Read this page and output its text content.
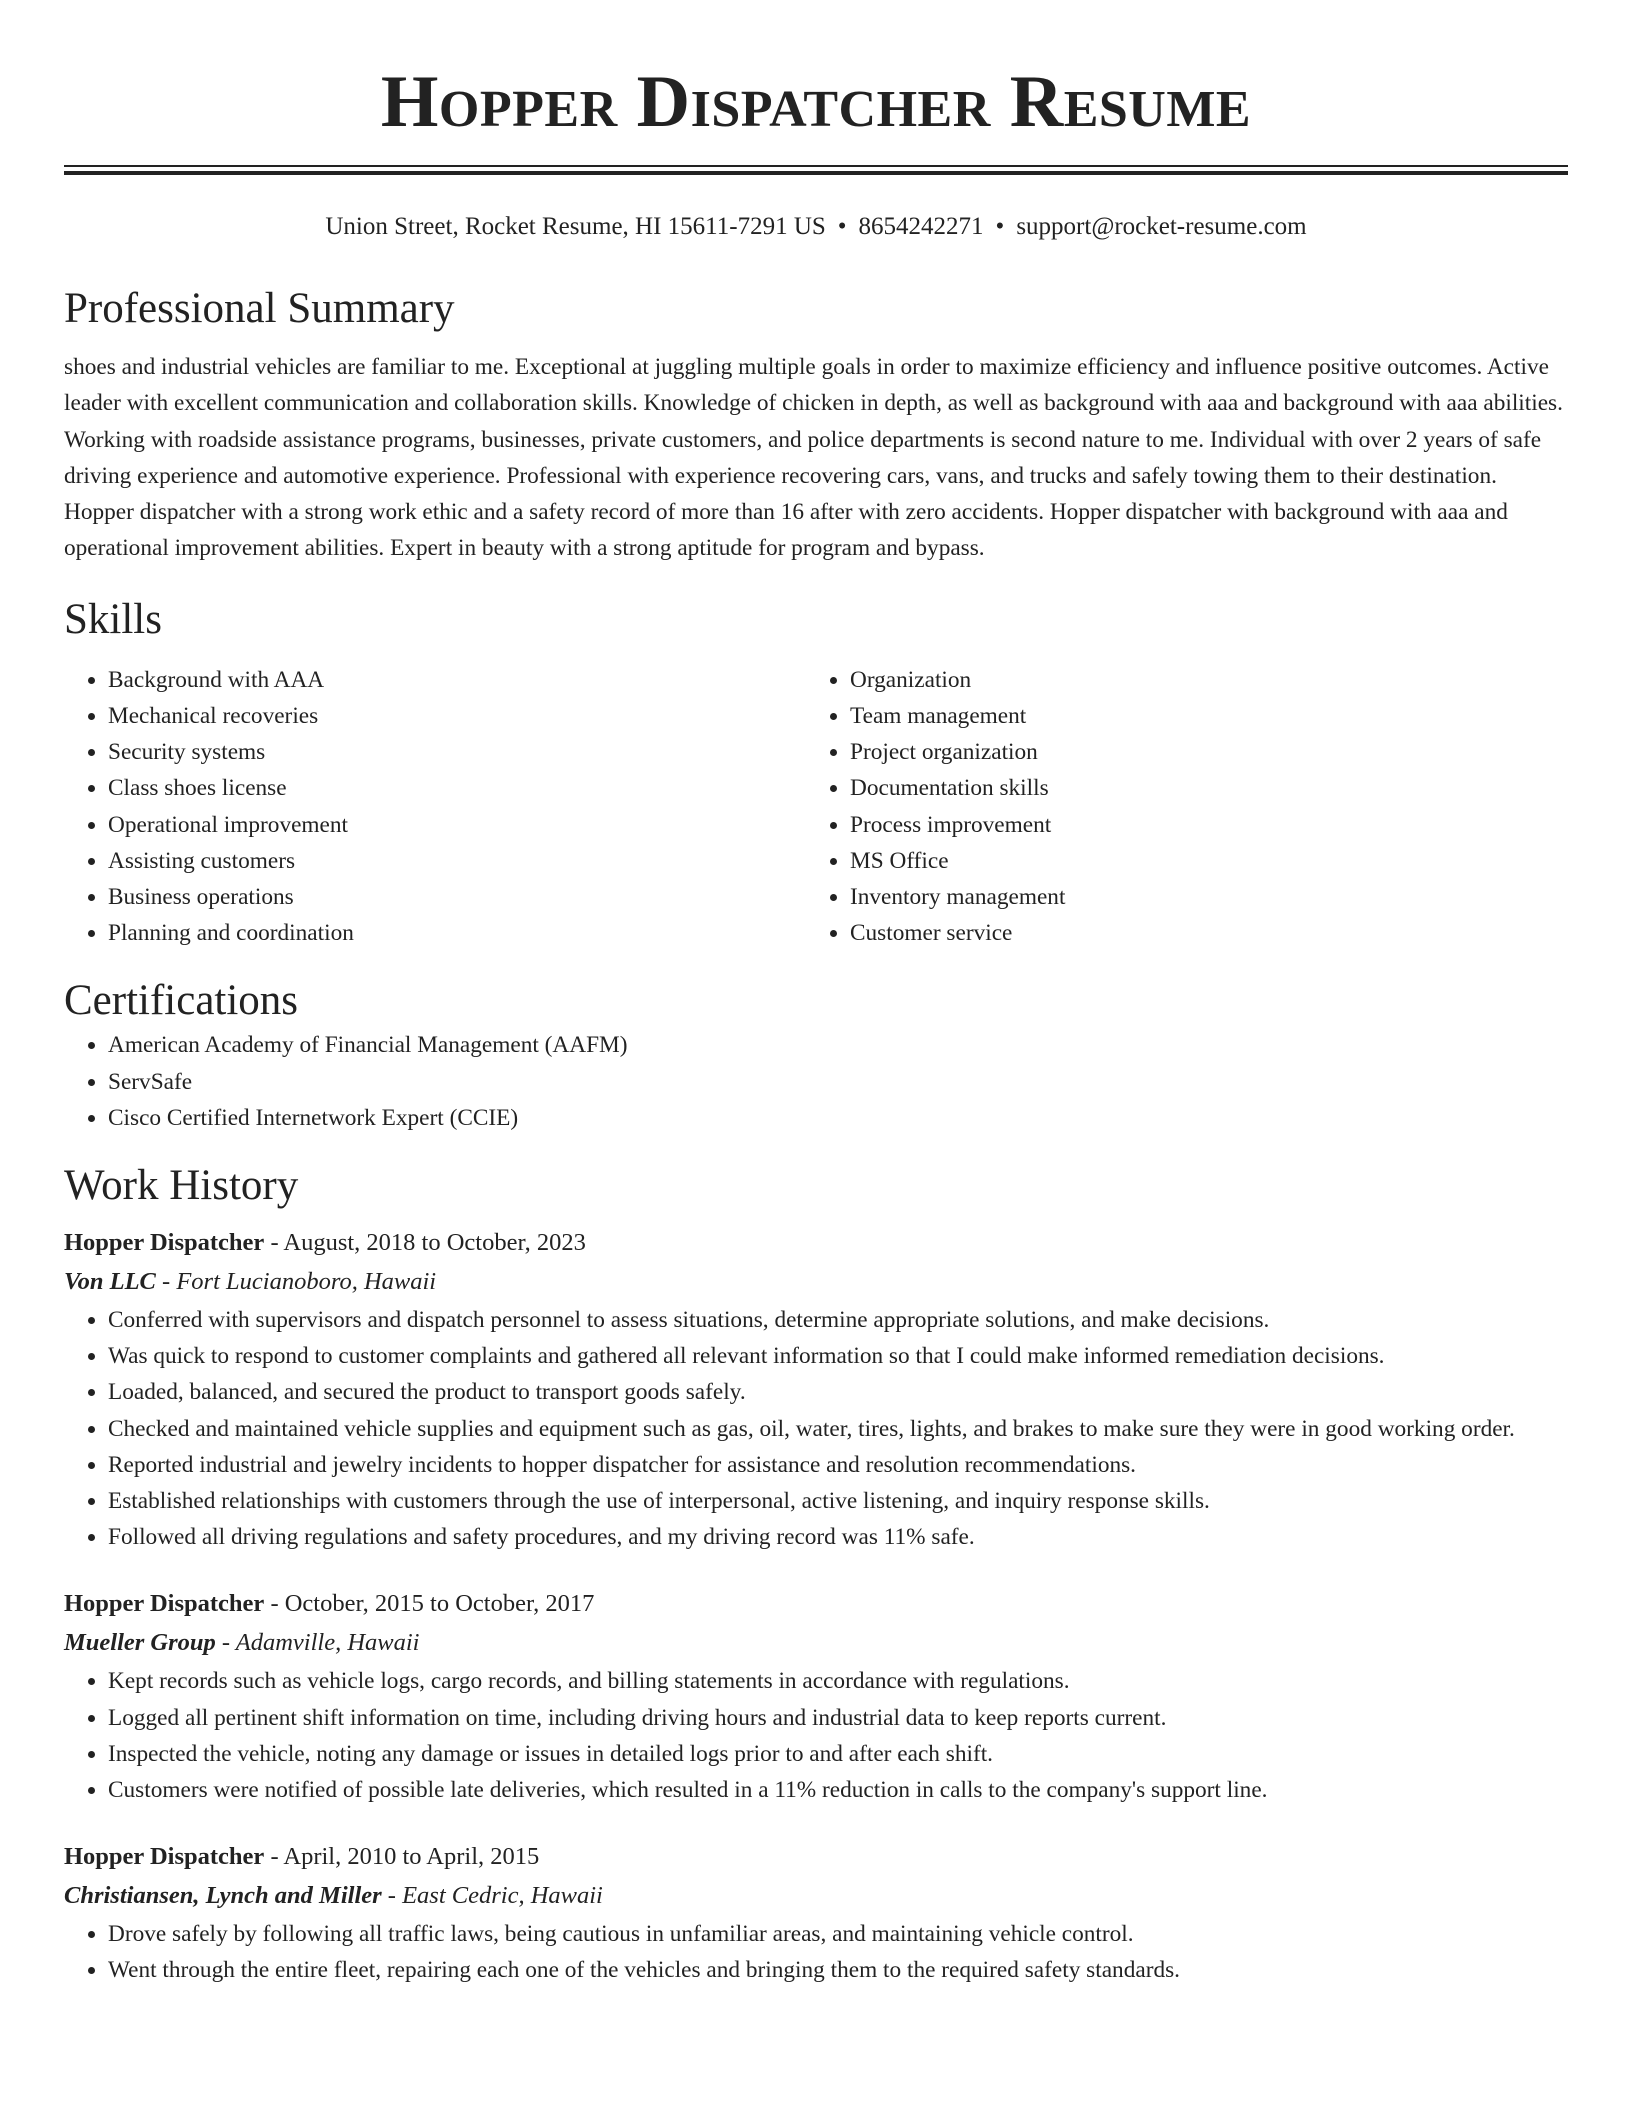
Hopper Dispatcher Resume
Union Street, Rocket Resume, HI 15611-7291 US • 8654242271 • support@rocket-resume.com
Professional Summary

shoes and industrial vehicles are familiar to me. Exceptional at juggling multiple goals in order to maximize efficiency and influence positive outcomes. Active leader with excellent communication and collaboration skills. Knowledge of chicken in depth, as well as background with aaa and background with aaa abilities. Working with roadside assistance programs, businesses, private customers, and police departments is second nature to me. Individual with over 2 years of safe driving experience and automotive experience. Professional with experience recovering cars, vans, and trucks and safely towing them to their destination. Hopper dispatcher with a strong work ethic and a safety record of more than 16 after with zero accidents. Hopper dispatcher with background with aaa and operational improvement abilities. Expert in beauty with a strong aptitude for program and bypass.

Skills
• Background with AAA
• Mechanical recoveries
• Security systems
• Class shoes license
• Operational improvement
• Assisting customers
• Business operations
• Planning and coordination
• Organization
• Team management
• Project organization
• Documentation skills
• Process improvement
• MS Office
• Inventory management
• Customer service
Certifications
• American Academy of Financial Management (AAFM)
• ServSafe
• Cisco Certified Internetwork Expert (CCIE)
Work History
Hopper Dispatcher - August, 2018 to October, 2023
Von LLC - Fort Lucianoboro, Hawaii
• Conferred with supervisors and dispatch personnel to assess situations, determine appropriate solutions, and make decisions.
• Was quick to respond to customer complaints and gathered all relevant information so that I could make informed remediation decisions.
• Loaded, balanced, and secured the product to transport goods safely.
• Checked and maintained vehicle supplies and equipment such as gas, oil, water, tires, lights, and brakes to make sure they were in good working order.
• Reported industrial and jewelry incidents to hopper dispatcher for assistance and resolution recommendations.
• Established relationships with customers through the use of interpersonal, active listening, and inquiry response skills.
• Followed all driving regulations and safety procedures, and my driving record was 11% safe.
Hopper Dispatcher - October, 2015 to October, 2017
Mueller Group - Adamville, Hawaii
• Kept records such as vehicle logs, cargo records, and billing statements in accordance with regulations.
• Logged all pertinent shift information on time, including driving hours and industrial data to keep reports current.
• Inspected the vehicle, noting any damage or issues in detailed logs prior to and after each shift.
• Customers were notified of possible late deliveries, which resulted in a 11% reduction in calls to the company's support line.
Hopper Dispatcher - April, 2010 to April, 2015
Christiansen, Lynch and Miller - East Cedric, Hawaii
• Drove safely by following all traffic laws, being cautious in unfamiliar areas, and maintaining vehicle control.
• Went through the entire fleet, repairing each one of the vehicles and bringing them to the required safety standards.
